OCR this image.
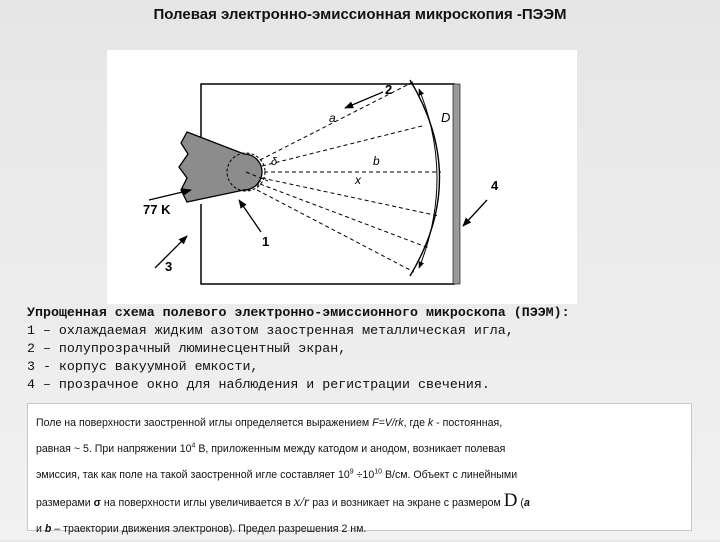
Полевая электронно-эмиссионная микроскопия -ПЭЭМ
2
a	D
b
x
δ
r	4
77 K
1
3
Упрощенная схема полевого электронно-эмиссионного микроскопа (ПЭЭМ):
1 – охлаждаемая жидким азотом заостренная металлическая игла,
2 – полупрозрачный люминесцентный экран,
3 - корпус вакуумной емкости,
4 – прозрачное окно для наблюдения и регистрации свечения.
Поле на поверхности заостренной иглы определяется выражением F=V/rk, где k - постоянная,
равная ~ 5. При напряжении $10^4$ В, приложенным между катодом и анодом, возникает полевая
эмиссия, так как поле на такой заостренной игле составляет $10^9 \div 10^{10}$ В/см. Объект с линейными
размерами σ на поверхности иглы увеличивается в x/r раз и возникает на экране с размером D (a
и b – траектории движения электронов). Предел разрешения 2 нм.
